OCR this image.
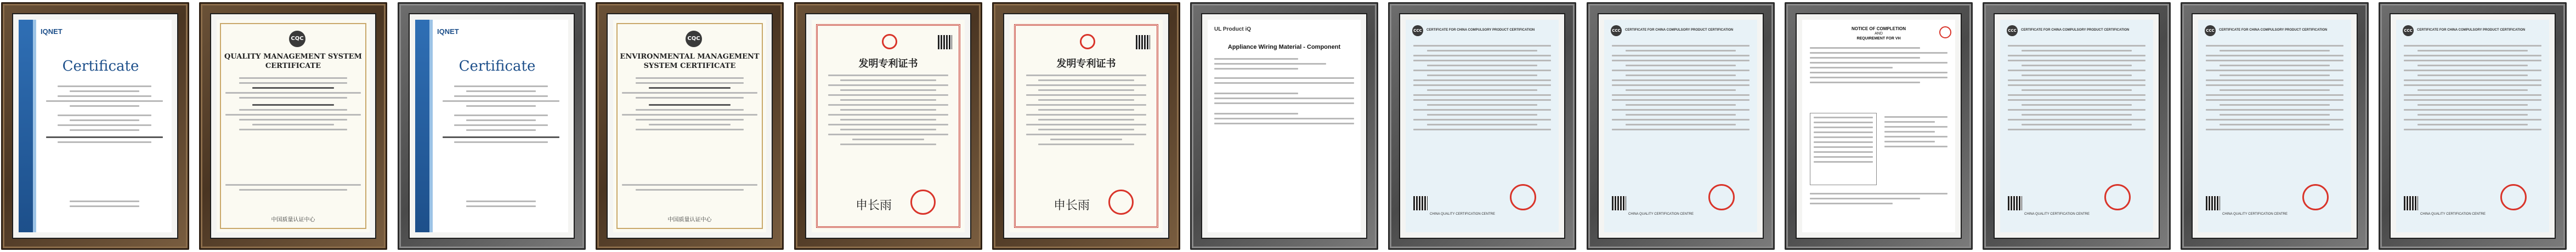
IQNET
Certificate
CQC
QUALITY MANAGEMENT SYSTEM
CERTIFICATE
中国质量认证中心
IQNET
Certificate
CQC
ENVIRONMENTAL MANAGEMENT
SYSTEM CERTIFICATE
中国质量认证中心
发明专利证书
申长雨
发明专利证书
申长雨
UL Product iQ
Appliance Wiring Material - Component
CCC	CERTIFICATE FOR CHINA COMPULSORY PRODUCT CERTIFICATION
CHINA QUALITY CERTIFICATION CENTRE
CCC	CERTIFICATE FOR CHINA COMPULSORY PRODUCT CERTIFICATION
CHINA QUALITY CERTIFICATION CENTRE
NOTICE OF COMPLETION
AND
REQUIREMENT FOR VH
CCC	CERTIFICATE FOR CHINA COMPULSORY PRODUCT CERTIFICATION
CHINA QUALITY CERTIFICATION CENTRE
CCC	CERTIFICATE FOR CHINA COMPULSORY PRODUCT CERTIFICATION
CHINA QUALITY CERTIFICATION CENTRE
CCC	CERTIFICATE FOR CHINA COMPULSORY PRODUCT CERTIFICATION
CHINA QUALITY CERTIFICATION CENTRE
